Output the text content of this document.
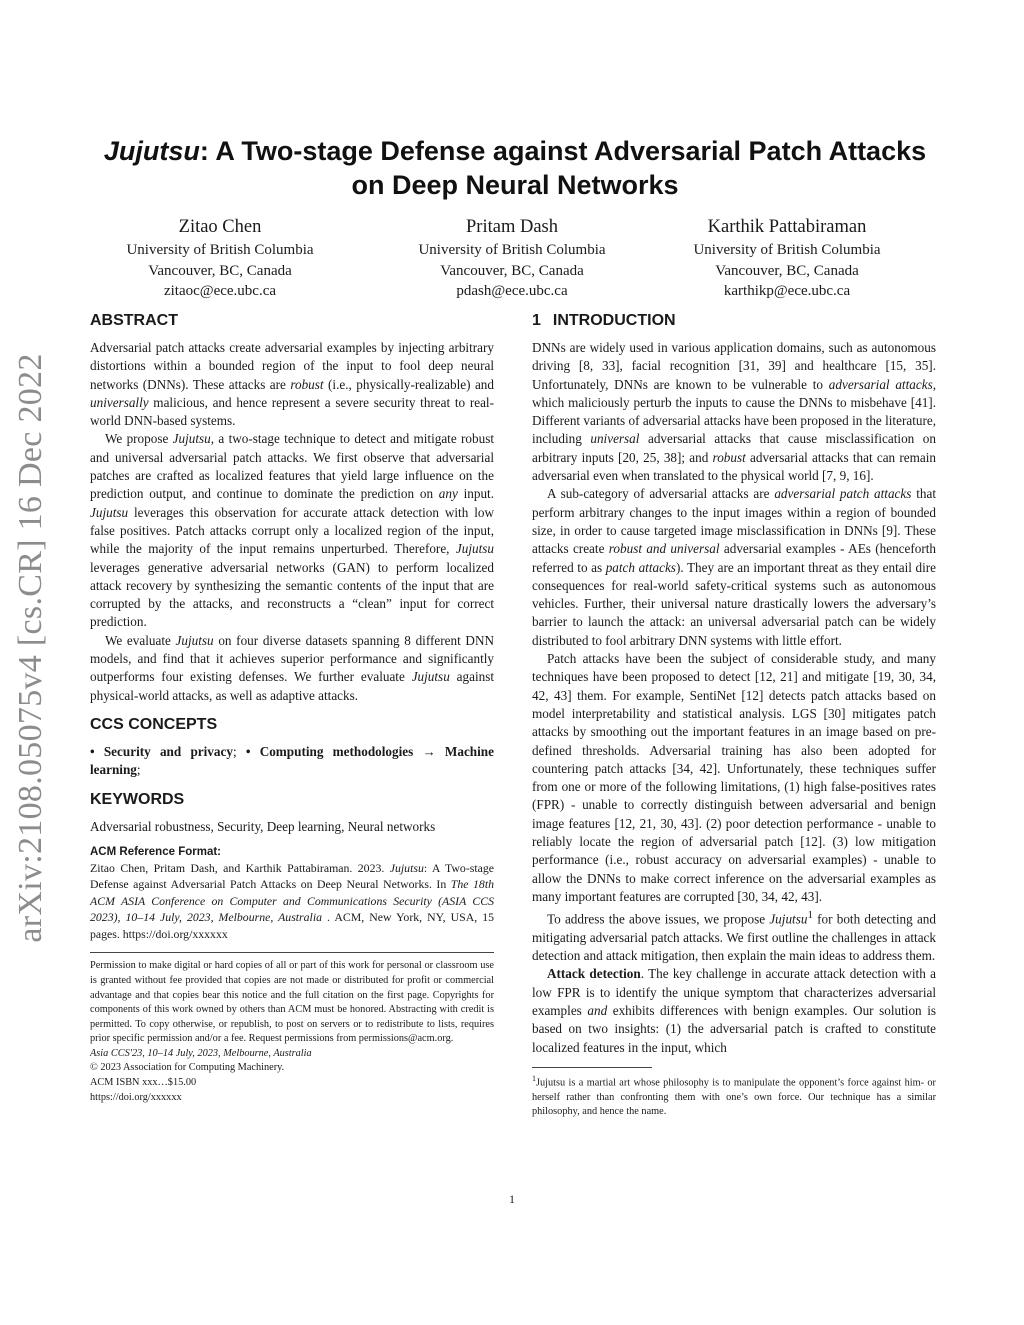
arXiv:2108.05075v4 [cs.CR] 16 Dec 2022
Jujutsu: A Two-stage Defense against Adversarial Patch Attacks
on Deep Neural Networks
Zitao Chen
University of British Columbia
Vancouver, BC, Canada
zitaoc@ece.ubc.ca
Pritam Dash
University of British Columbia
Vancouver, BC, Canada
pdash@ece.ubc.ca
Karthik Pattabiraman
University of British Columbia
Vancouver, BC, Canada
karthikp@ece.ubc.ca
ABSTRACT

Adversarial patch attacks create adversarial examples by injecting arbitrary distortions within a bounded region of the input to fool deep neural networks (DNNs). These attacks are robust (i.e., physically-realizable) and universally malicious, and hence represent a severe security threat to real-world DNN-based systems.

We propose Jujutsu, a two-stage technique to detect and mitigate robust and universal adversarial patch attacks. We first observe that adversarial patches are crafted as localized features that yield large influence on the prediction output, and continue to dominate the prediction on any input. Jujutsu leverages this observation for accurate attack detection with low false positives. Patch attacks corrupt only a localized region of the input, while the majority of the input remains unperturbed. Therefore, Jujutsu leverages generative adversarial networks (GAN) to perform localized attack recovery by synthesizing the semantic contents of the input that are corrupted by the attacks, and reconstructs a “clean” input for correct prediction.

We evaluate Jujutsu on four diverse datasets spanning 8 different DNN models, and find that it achieves superior performance and significantly outperforms four existing defenses. We further evaluate Jujutsu against physical-world attacks, as well as adaptive attacks.

CCS CONCEPTS

• Security and privacy; • Computing methodologies → Machine learning;

KEYWORDS

Adversarial robustness, Security, Deep learning, Neural networks

ACM Reference Format:

Zitao Chen, Pritam Dash, and Karthik Pattabiraman. 2023. Jujutsu: A Two-stage Defense against Adversarial Patch Attacks on Deep Neural Networks. In The 18th ACM ASIA Conference on Computer and Communications Security (ASIA CCS 2023), 10–14 July, 2023, Melbourne, Australia . ACM, New York, NY, USA, 15 pages. https://doi.org/xxxxxx

Permission to make digital or hard copies of all or part of this work for personal or classroom use is granted without fee provided that copies are not made or distributed for profit or commercial advantage and that copies bear this notice and the full citation on the first page. Copyrights for components of this work owned by others than ACM must be honored. Abstracting with credit is permitted. To copy otherwise, or republish, to post on servers or to redistribute to lists, requires prior specific permission and/or a fee. Request permissions from permissions@acm.org.
Asia CCS'23, 10–14 July, 2023, Melbourne, Australia
© 2023 Association for Computing Machinery.
ACM ISBN xxx…$15.00
https://doi.org/xxxxxx
1 INTRODUCTION

DNNs are widely used in various application domains, such as autonomous driving [8, 33], facial recognition [31, 39] and healthcare [15, 35]. Unfortunately, DNNs are known to be vulnerable to adversarial attacks, which maliciously perturb the inputs to cause the DNNs to misbehave [41]. Different variants of adversarial attacks have been proposed in the literature, including universal adversarial attacks that cause misclassification on arbitrary inputs [20, 25, 38]; and robust adversarial attacks that can remain adversarial even when translated to the physical world [7, 9, 16].

A sub-category of adversarial attacks are adversarial patch attacks that perform arbitrary changes to the input images within a region of bounded size, in order to cause targeted image misclassification in DNNs [9]. These attacks create robust and universal adversarial examples - AEs (henceforth referred to as patch attacks). They are an important threat as they entail dire consequences for real-world safety-critical systems such as autonomous vehicles. Further, their universal nature drastically lowers the adversary’s barrier to launch the attack: an universal adversarial patch can be widely distributed to fool arbitrary DNN systems with little effort.

Patch attacks have been the subject of considerable study, and many techniques have been proposed to detect [12, 21] and mitigate [19, 30, 34, 42, 43] them. For example, SentiNet [12] detects patch attacks based on model interpretability and statistical analysis. LGS [30] mitigates patch attacks by smoothing out the important features in an image based on pre-defined thresholds. Adversarial training has also been adopted for countering patch attacks [34, 42]. Unfortunately, these techniques suffer from one or more of the following limitations, (1) high false-positives rates (FPR) - unable to correctly distinguish between adversarial and benign image features [12, 21, 30, 43]. (2) poor detection performance - unable to reliably locate the region of adversarial patch [12]. (3) low mitigation performance (i.e., robust accuracy on adversarial examples) - unable to allow the DNNs to make correct inference on the adversarial examples as many important features are corrupted [30, 34, 42, 43].

To address the above issues, we propose Jujutsu$^1$ for both detecting and mitigating adversarial patch attacks. We first outline the challenges in attack detection and attack mitigation, then explain the main ideas to address them.

Attack detection. The key challenge in accurate attack detection with a low FPR is to identify the unique symptom that characterizes adversarial examples and exhibits differences with benign examples. Our solution is based on two insights: (1) the adversarial patch is crafted to constitute localized features in the input, which

$^1$Jujutsu is a martial art whose philosophy is to manipulate the opponent’s force against him- or herself rather than confronting them with one’s own force. Our technique has a similar philosophy, and hence the name.

1
